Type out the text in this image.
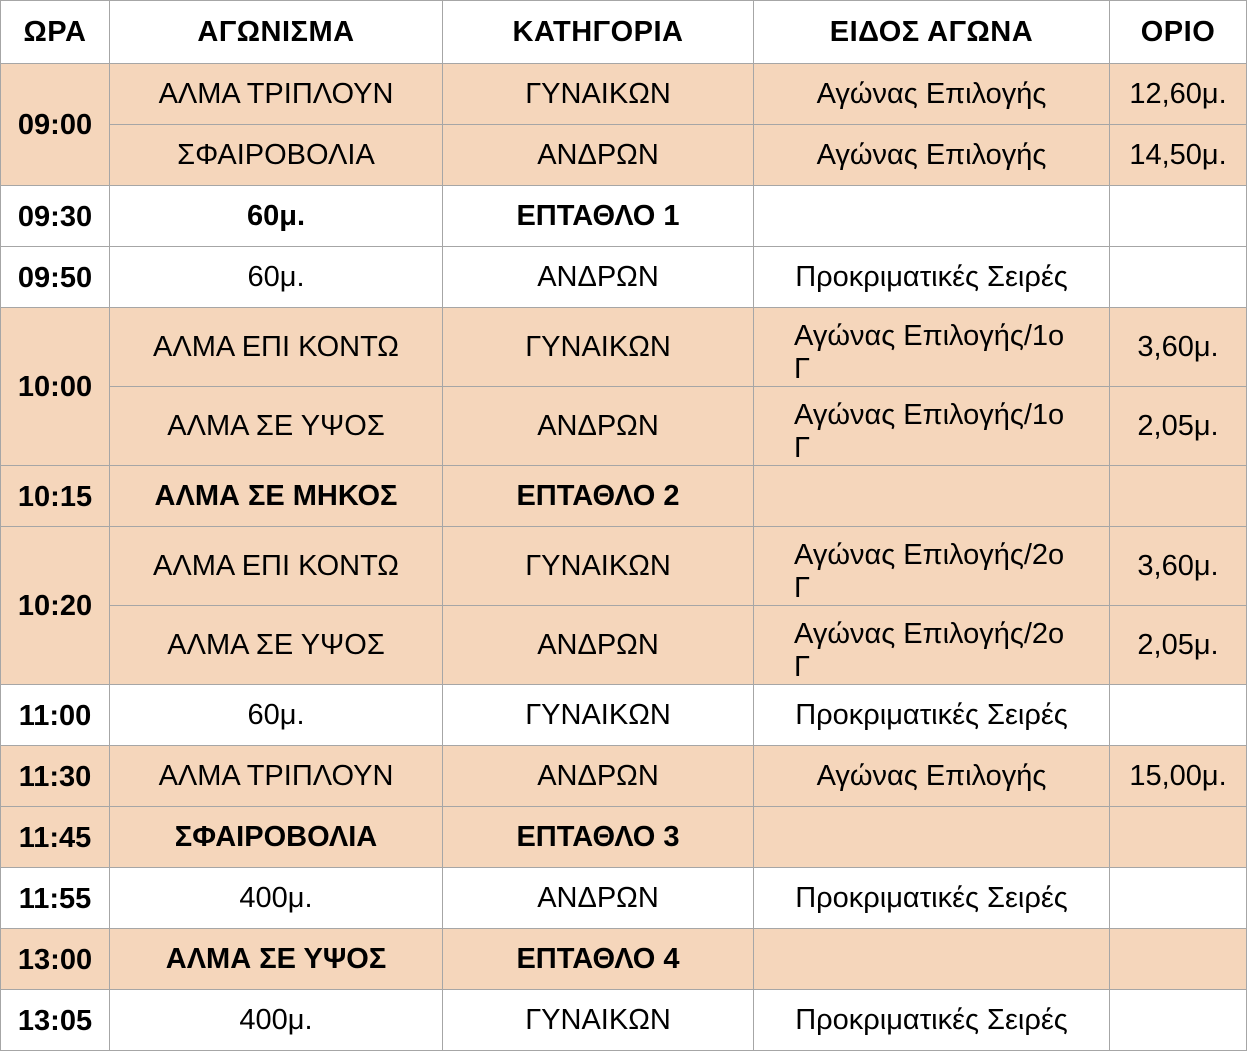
ΩΡΑ	ΑΓΩΝΙΣΜΑ	ΚΑΤΗΓΟΡΙΑ	ΕΙΔΟΣ ΑΓΩΝΑ	ΟΡΙΟ

09:00	ΑΛΜΑ ΤΡΙΠΛΟΥΝ	ΓΥΝΑΙΚΩΝ	Αγώνας Επιλογής	12,60μ.
	ΣΦΑΙΡΟΒΟΛΙΑ	ΑΝΔΡΩΝ	Αγώνας Επιλογής	14,50μ.

09:30	60μ.	ΕΠΤΑΘΛΟ 1		

09:50	60μ.	ΑΝΔΡΩΝ	Προκριματικές Σειρές	

10:00	ΑΛΜΑ ΕΠΙ ΚΟΝΤΩ	ΓΥΝΑΙΚΩΝ	Αγώνας Επιλογής/1ο Γ	3,60μ.
	ΑΛΜΑ ΣΕ ΥΨΟΣ	ΑΝΔΡΩΝ	Αγώνας Επιλογής/1ο Γ	2,05μ.

10:15	ΑΛΜΑ ΣΕ ΜΗΚΟΣ	ΕΠΤΑΘΛΟ 2		

10:20	ΑΛΜΑ ΕΠΙ ΚΟΝΤΩ	ΓΥΝΑΙΚΩΝ	Αγώνας Επιλογής/2ο Γ	3,60μ.
	ΑΛΜΑ ΣΕ ΥΨΟΣ	ΑΝΔΡΩΝ	Αγώνας Επιλογής/2ο Γ	2,05μ.

11:00	60μ.	ΓΥΝΑΙΚΩΝ	Προκριματικές Σειρές	

11:30	ΑΛΜΑ ΤΡΙΠΛΟΥΝ	ΑΝΔΡΩΝ	Αγώνας Επιλογής	15,00μ.

11:45	ΣΦΑΙΡΟΒΟΛΙΑ	ΕΠΤΑΘΛΟ 3		

11:55	400μ.	ΑΝΔΡΩΝ	Προκριματικές Σειρές	

13:00	ΑΛΜΑ ΣΕ ΥΨΟΣ	ΕΠΤΑΘΛΟ 4		

13:05	400μ.	ΓΥΝΑΙΚΩΝ	Προκριματικές Σειρές	
